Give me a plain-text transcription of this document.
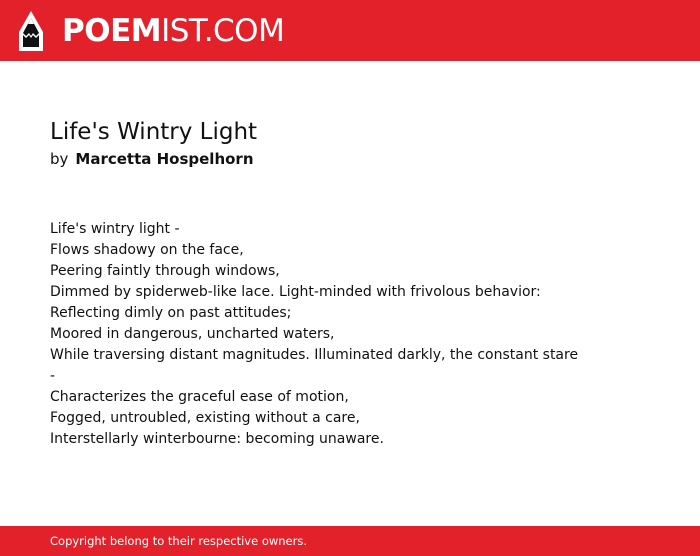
POEMIST.COM
Life's Wintry Light
by Marcetta Hospelhorn
Life's wintry light -
Flows shadowy on the face,
Peering faintly through windows,
Dimmed by spiderweb-like lace. Light-minded with frivolous behavior:
Reflecting dimly on past attitudes;
Moored in dangerous, uncharted waters,
While traversing distant magnitudes. Illuminated darkly, the constant stare
-
Characterizes the graceful ease of motion,
Fogged, untroubled, existing without a care,
Interstellarly winterbourne: becoming unaware.
Copyright belong to their respective owners.
